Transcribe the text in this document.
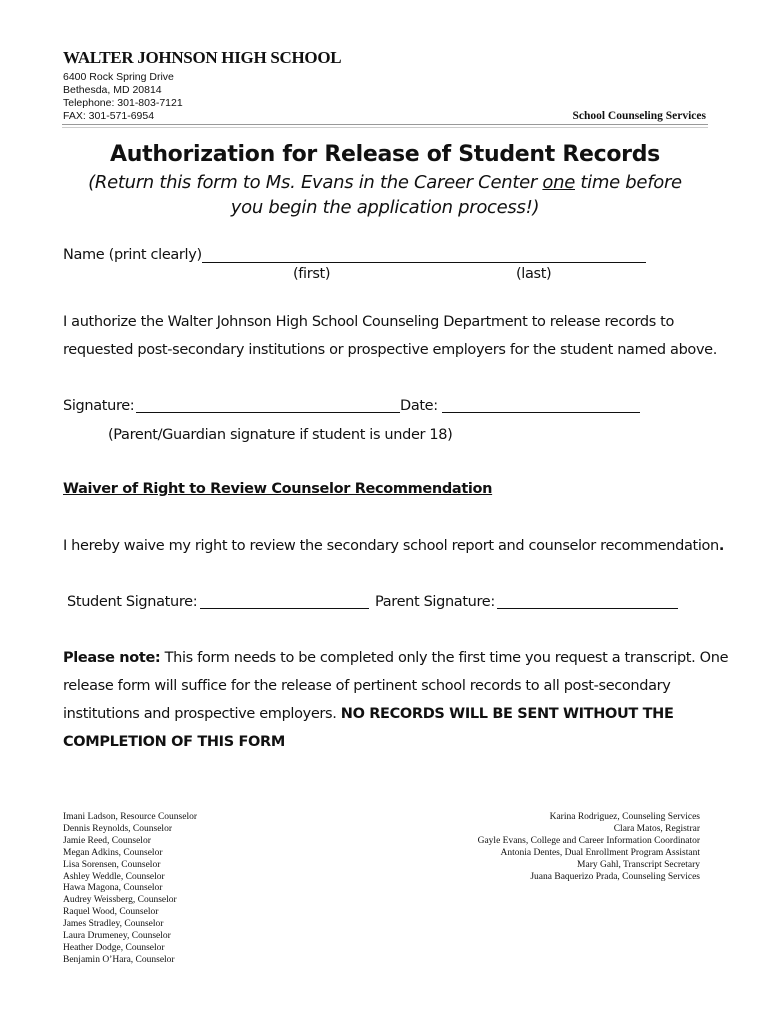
WALTER JOHNSON HIGH SCHOOL
6400 Rock Spring Drive
Bethesda, MD 20814
Telephone: 301-803-7121
FAX: 301-571-6954	School Counseling Services
Authorization for Release of Student Records
(Return this form to Ms. Evans in the Career Center one time before
you begin the application process!)
Name (print clearly)
(first)	(last)
I authorize the Walter Johnson High School Counseling Department to release records to
requested post-secondary institutions or prospective employers for the student named above.
Signature:	Date:
(Parent/Guardian signature if student is under 18)
Waiver of Right to Review Counselor Recommendation
I hereby waive my right to review the secondary school report and counselor recommendation.
Student Signature:	Parent Signature:
Please note: This form needs to be completed only the first time you request a transcript. One
release form will suffice for the release of pertinent school records to all post-secondary
institutions and prospective employers. NO RECORDS WILL BE SENT WITHOUT THE
COMPLETION OF THIS FORM
Imani Ladson, Resource Counselor
Dennis Reynolds, Counselor
Jamie Reed, Counselor
Megan Adkins, Counselor
Lisa Sorensen, Counselor
Ashley Weddle, Counselor
Hawa Magona, Counselor
Audrey Weissberg, Counselor
Raquel Wood, Counselor
James Stradley, Counselor
Laura Drumeney, Counselor
Heather Dodge, Counselor
Benjamin O’Hara, Counselor
Karina Rodriguez, Counseling Services
Clara Matos, Registrar
Gayle Evans, College and Career Information Coordinator
Antonia Dentes, Dual Enrollment Program Assistant
Mary Gahl, Transcript Secretary
Juana Baquerizo Prada, Counseling Services
